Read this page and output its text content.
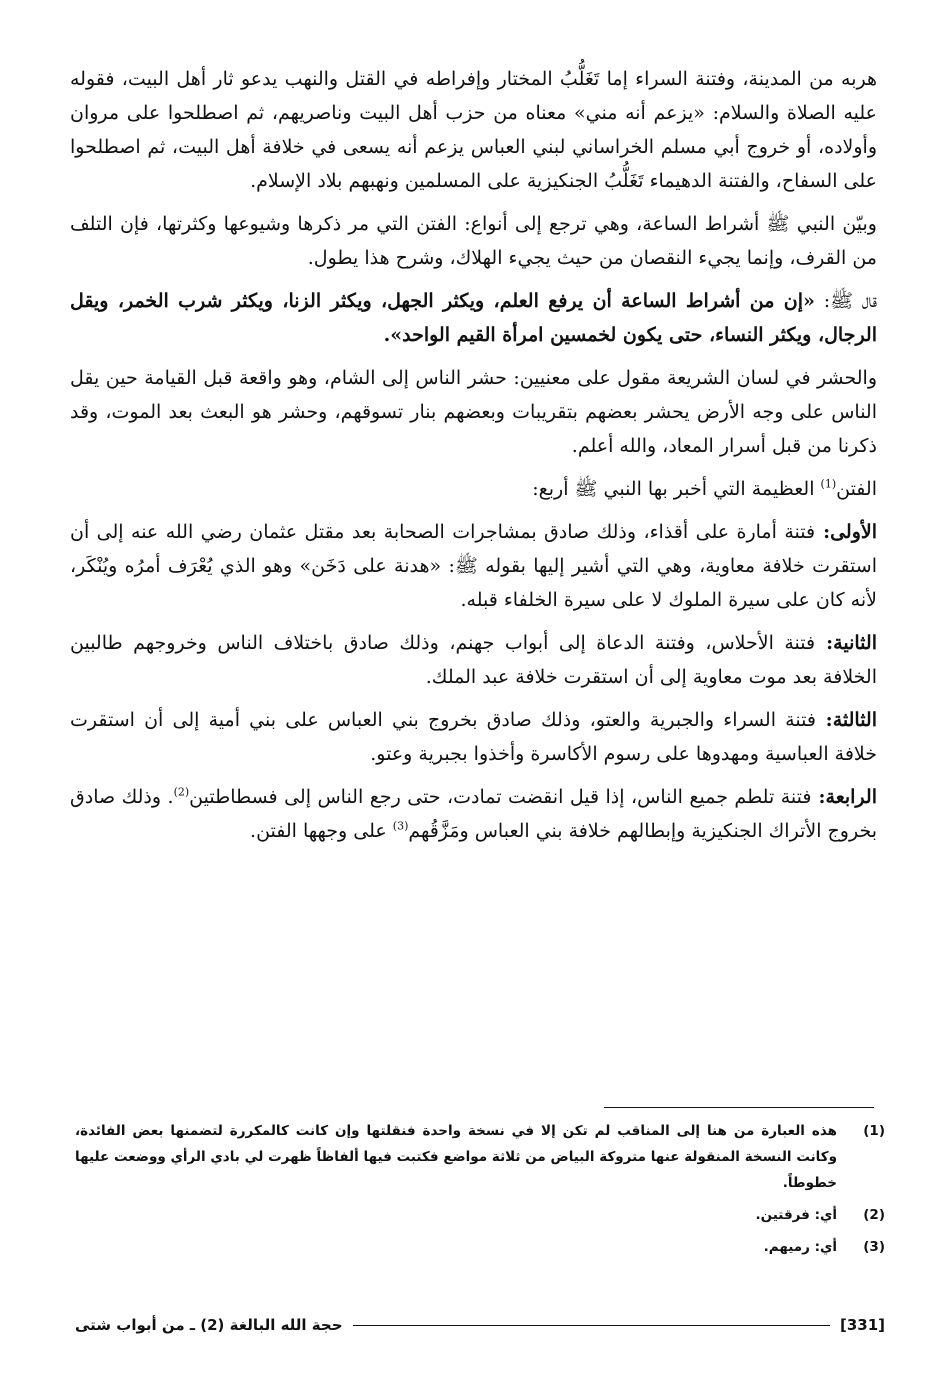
هربه من المدينة، وفتنة السراء إما تَغَلُّبُ المختار وإفراطه في القتل والنهب يدعو ثار أهل البيت، فقوله عليه الصلاة والسلام: «يزعم أنه مني» معناه من حزب أهل البيت وناصريهم، ثم اصطلحوا على مروان وأولاده، أو خروج أبي مسلم الخراساني لبني العباس يزعم أنه يسعى في خلافة أهل البيت، ثم اصطلحوا على السفاح، والفتنة الدهيماء تَغَلُّبُ الجنكيزية على المسلمين ونهبهم بلاد الإسلام.

وبيّن النبي ﷺ أشراط الساعة، وهي ترجع إلى أنواع: الفتن التي مر ذكرها وشيوعها وكثرتها، فإن التلف من القرف، وإنما يجيء النقصان من حيث يجيء الهلاك، وشرح هذا يطول.

قال ﷺ: «إن من أشراط الساعة أن يرفع العلم، ويكثر الجهل، ويكثر الزنا، ويكثر شرب الخمر، ويقل الرجال، ويكثر النساء، حتى يكون لخمسين امرأة القيم الواحد».

والحشر في لسان الشريعة مقول على معنيين: حشر الناس إلى الشام، وهو واقعة قبل القيامة حين يقل الناس على وجه الأرض يحشر بعضهم بتقريبات وبعضهم بنار تسوقهم، وحشر هو البعث بعد الموت، وقد ذكرنا من قبل أسرار المعاد، والله أعلم.

الفتن$^{(1)}$ العظيمة التي أخبر بها النبي ﷺ أربع:

الأولى: فتنة أمارة على أقذاء، وذلك صادق بمشاجرات الصحابة بعد مقتل عثمان رضي الله عنه إلى أن استقرت خلافة معاوية، وهي التي أشير إليها بقوله ﷺ: «هدنة على دَخَن» وهو الذي يُعْرَف أمرُه ويُنْكَر، لأنه كان على سيرة الملوك لا على سيرة الخلفاء قبله.

الثانية: فتنة الأحلاس، وفتنة الدعاة إلى أبواب جهنم، وذلك صادق باختلاف الناس وخروجهم طالبين الخلافة بعد موت معاوية إلى أن استقرت خلافة عبد الملك.

الثالثة: فتنة السراء والجبرية والعتو، وذلك صادق بخروج بني العباس على بني أمية إلى أن استقرت خلافة العباسية ومهدوها على رسوم الأكاسرة وأخذوا بجبرية وعتو.

الرابعة: فتنة تلطم جميع الناس، إذا قيل انقضت تمادت، حتى رجع الناس إلى فسطاطتين$^{(2)}$. وذلك صادق بخروج الأتراك الجنكيزية وإبطالهم خلافة بني العباس ومَزَّقُهم$^{(3)}$ على وجهها الفتن.

(1)
هذه العبارة من هنا إلى المناقب لم تكن إلا في نسخة واحدة فنقلتها وإن كانت كالمكررة لتضمنها بعض الفائدة، وكانت النسخة المنقولة عنها متروكة البياض من ثلاثة مواضع فكتبت فيها ألفاظاً ظهرت لي بادي الرأي ووضعت عليها خطوطاً.
(2)
أي: فرقتين.
(3)
أي: رميهم.
[331]
حجة الله البالغة (2) ـ من أبواب شتى
